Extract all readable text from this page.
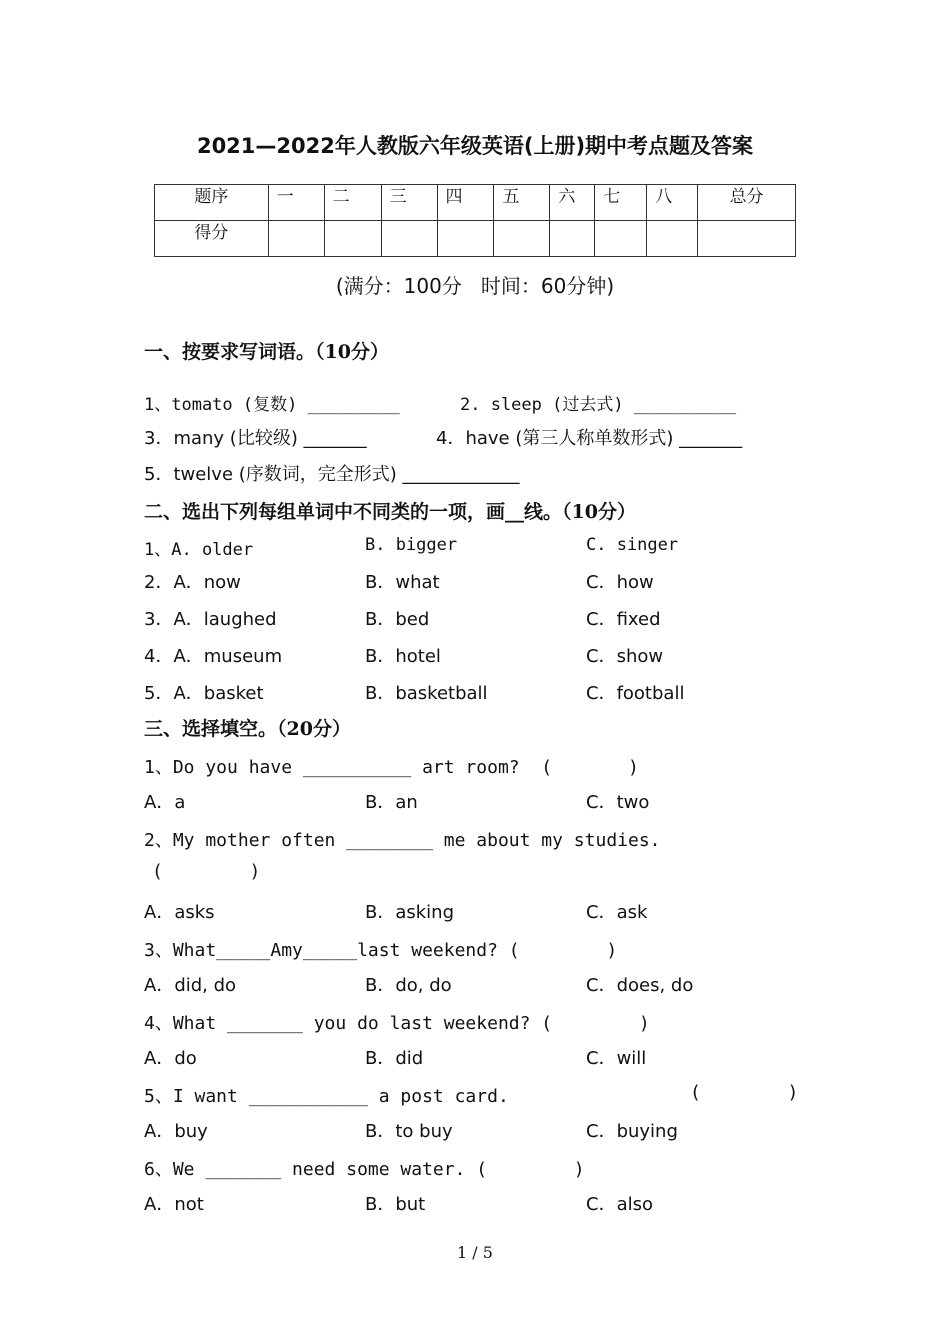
2021—2022年人教版六年级英语(上册)期中考点题及答案
题序	一	二	三	四	五	六	七	八	总分
得分									
(满分：100分   时间：60分钟)
一、按要求写词语。（10分）
1、tomato (复数) _________	2. sleep (过去式) __________
3．many (比较级) _______	4．have (第三人称单数形式) _______
5．twelve (序数词，完全形式) _____________
二、选出下列每组单词中不同类的一项，画__线。（10分）
1、A. older	B. bigger	C. singer
2．A．now	B．what	C．how
3．A．laughed	B．bed	C．fixed
4．A．museum	B．hotel	C．show
5．A．basket	B．basketball	C．football
三、选择填空。（20分）
1、Do you have __________ art room?  (       )
A．a	B．an	C．two
2、My mother often ________ me about my studies.
(        )
A．asks	B．asking	C．ask
3、What_____Amy_____last weekend? (        )
A．did, do	B．do, do	C．does, do
4、What _______ you do last weekend? (        )
A．do	B．did	C．will
5、I want ___________ a post card.	(        )
A．buy	B．to buy	C．buying
6、We _______ need some water. (        )
A．not	B．but	C．also
1 / 5
